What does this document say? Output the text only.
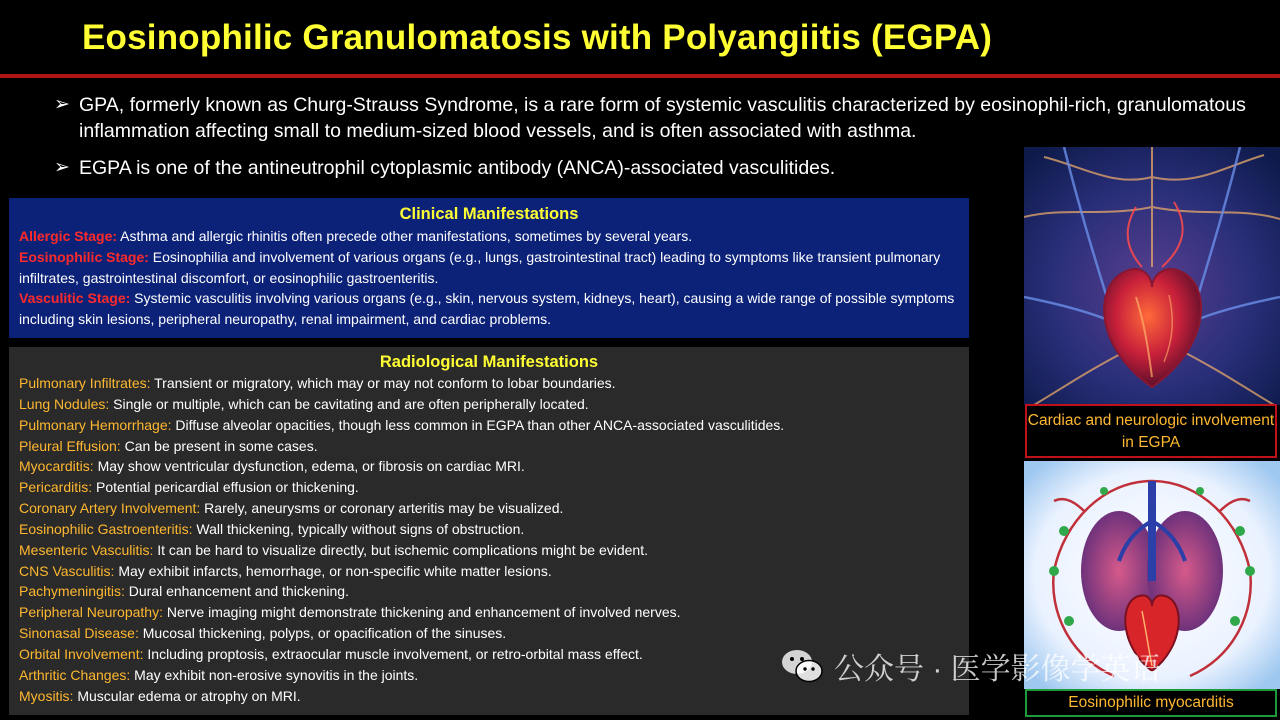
Eosinophilic Granulomatosis with Polyangiitis (EGPA)
➢ GPA, formerly known as Churg-Strauss Syndrome, is a rare form of systemic vasculitis characterized by eosinophil-rich, granulomatous inflammation affecting small to medium-sized blood vessels, and is often associated with asthma.
➢ EGPA is one of the antineutrophil cytoplasmic antibody (ANCA)-associated vasculitides.
Clinical Manifestations
Allergic Stage: Asthma and allergic rhinitis often precede other manifestations, sometimes by several years.
Eosinophilic Stage: Eosinophilia and involvement of various organs (e.g., lungs, gastrointestinal tract) leading to symptoms like transient pulmonary infiltrates, gastrointestinal discomfort, or eosinophilic gastroenteritis.
Vasculitic Stage: Systemic vasculitis involving various organs (e.g., skin, nervous system, kidneys, heart), causing a wide range of possible symptoms including skin lesions, peripheral neuropathy, renal impairment, and cardiac problems.
Radiological Manifestations
Pulmonary Infiltrates: Transient or migratory, which may or may not conform to lobar boundaries.
Lung Nodules: Single or multiple, which can be cavitating and are often peripherally located.
Pulmonary Hemorrhage: Diffuse alveolar opacities, though less common in EGPA than other ANCA-associated vasculitides.
Pleural Effusion: Can be present in some cases.
Myocarditis: May show ventricular dysfunction, edema, or fibrosis on cardiac MRI.
Pericarditis: Potential pericardial effusion or thickening.
Coronary Artery Involvement: Rarely, aneurysms or coronary arteritis may be visualized.
Eosinophilic Gastroenteritis: Wall thickening, typically without signs of obstruction.
Mesenteric Vasculitis: It can be hard to visualize directly, but ischemic complications might be evident.
CNS Vasculitis: May exhibit infarcts, hemorrhage, or non-specific white matter lesions.
Pachymeningitis: Dural enhancement and thickening.
Peripheral Neuropathy: Nerve imaging might demonstrate thickening and enhancement of involved nerves.
Sinonasal Disease: Mucosal thickening, polyps, or opacification of the sinuses.
Orbital Involvement: Including proptosis, extraocular muscle involvement, or retro-orbital mass effect.
Arthritic Changes: May exhibit non-erosive synovitis in the joints.
Myositis: Muscular edema or atrophy on MRI.
Cardiac and neurologic involvement in EGPA
Eosinophilic myocarditis
公众号 · 医学影像学英语
